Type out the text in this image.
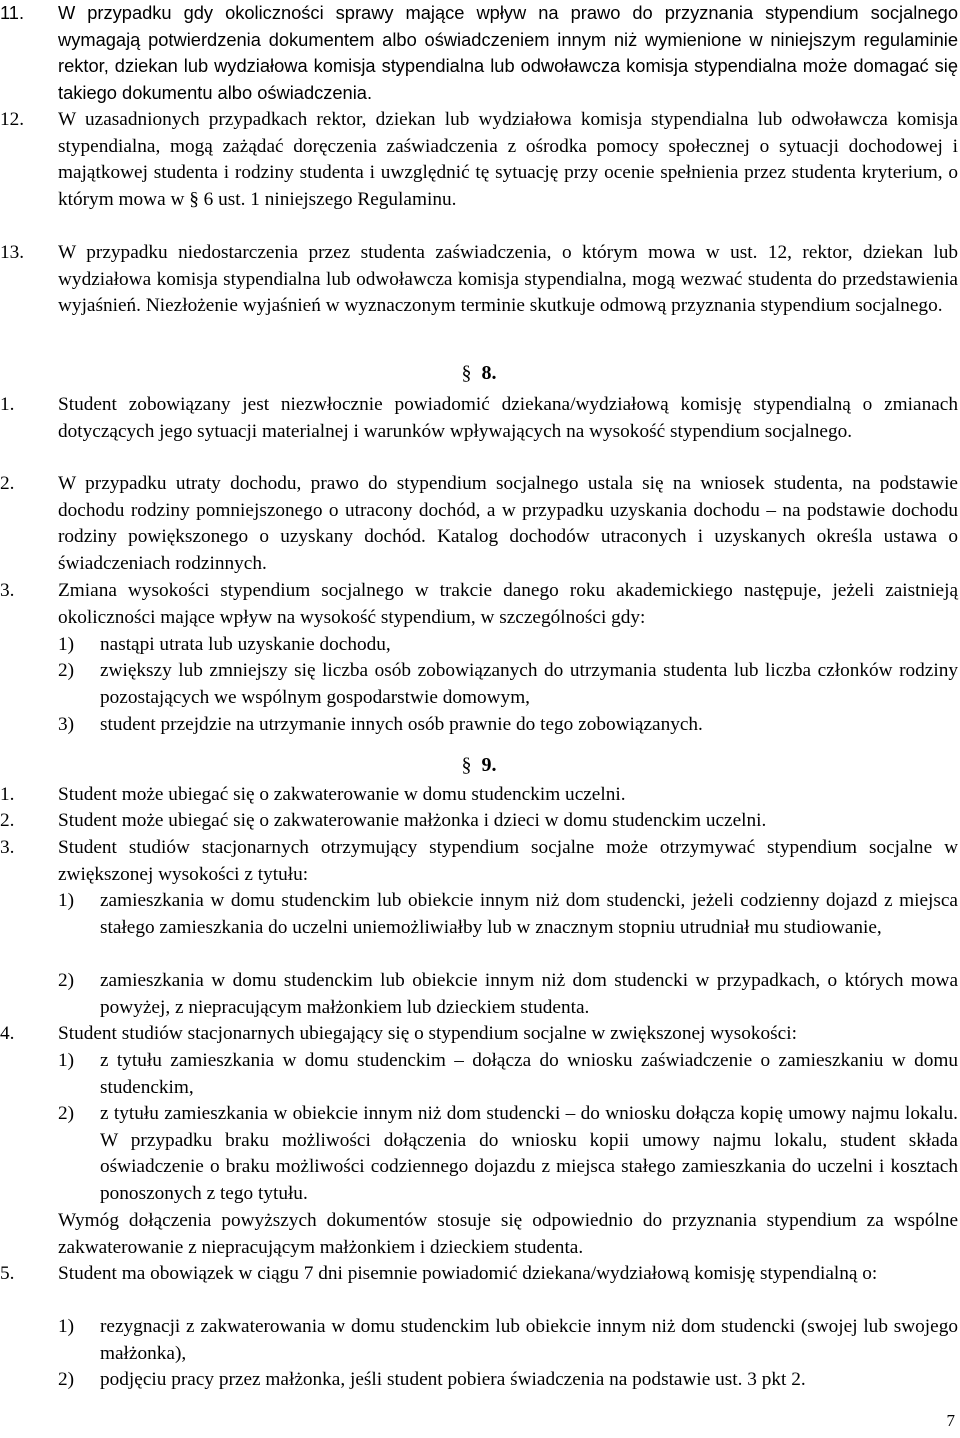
11. W przypadku gdy okoliczności sprawy mające wpływ na prawo do przyznania stypendium socjalnego wymagają potwierdzenia dokumentem albo oświadczeniem innym niż wymienione w niniejszym regulaminie rektor, dziekan lub wydziałowa komisja stypendialna lub odwoławcza komisja stypendialna może domagać się takiego dokumentu albo oświadczenia.
12. W uzasadnionych przypadkach rektor, dziekan lub wydziałowa komisja stypendialna lub odwoławcza komisja stypendialna, mogą zażądać doręczenia zaświadczenia z ośrodka pomocy społecznej o sytuacji dochodowej i majątkowej studenta i rodziny studenta i uwzględnić tę sytuację przy ocenie spełnienia przez studenta kryterium, o którym mowa w § 6 ust. 1 niniejszego Regulaminu.
13. W przypadku niedostarczenia przez studenta zaświadczenia, o którym mowa w ust. 12, rektor, dziekan lub wydziałowa komisja stypendialna lub odwoławcza komisja stypendialna, mogą wezwać studenta do przedstawienia wyjaśnień. Niezłożenie wyjaśnień w wyznaczonym terminie skutkuje odmową przyznania stypendium socjalnego.
§ 8.
1. Student zobowiązany jest niezwłocznie powiadomić dziekana/wydziałową komisję stypendialną o zmianach dotyczących jego sytuacji materialnej i warunków wpływających na wysokość stypendium socjalnego.
2. W przypadku utraty dochodu, prawo do stypendium socjalnego ustala się na wniosek studenta, na podstawie dochodu rodziny pomniejszonego o utracony dochód, a w przypadku uzyskania dochodu – na podstawie dochodu rodziny powiększonego o uzyskany dochód. Katalog dochodów utraconych i uzyskanych określa ustawa o świadczeniach rodzinnych.
3. Zmiana wysokości stypendium socjalnego w trakcie danego roku akademickiego następuje, jeżeli zaistnieją okoliczności mające wpływ na wysokość stypendium, w szczególności gdy:
1) nastąpi utrata lub uzyskanie dochodu,
2) zwiększy lub zmniejszy się liczba osób zobowiązanych do utrzymania studenta lub liczba członków rodziny pozostających we wspólnym gospodarstwie domowym,
3) student przejdzie na utrzymanie innych osób prawnie do tego zobowiązanych.
§ 9.
1. Student może ubiegać się o zakwaterowanie w domu studenckim uczelni.
2. Student może ubiegać się o zakwaterowanie małżonka i dzieci w domu studenckim uczelni.
3. Student studiów stacjonarnych otrzymujący stypendium socjalne może otrzymywać stypendium socjalne w zwiększonej wysokości z tytułu:
1) zamieszkania w domu studenckim lub obiekcie innym niż dom studencki, jeżeli codzienny dojazd z miejsca stałego zamieszkania do uczelni uniemożliwiałby lub w znacznym stopniu utrudniał mu studiowanie,
2) zamieszkania w domu studenckim lub obiekcie innym niż dom studencki w przypadkach, o których mowa powyżej, z niepracującym małżonkiem lub dzieckiem studenta.
4. Student studiów stacjonarnych ubiegający się o stypendium socjalne w zwiększonej wysokości:
1) z tytułu zamieszkania w domu studenckim – dołącza do wniosku zaświadczenie o zamieszkaniu w domu studenckim,
2) z tytułu zamieszkania w obiekcie innym niż dom studencki – do wniosku dołącza kopię umowy najmu lokalu. W przypadku braku możliwości dołączenia do wniosku kopii umowy najmu lokalu, student składa oświadczenie o braku możliwości codziennego dojazdu z miejsca stałego zamieszkania do uczelni i kosztach ponoszonych z tego tytułu.
Wymóg dołączenia powyższych dokumentów stosuje się odpowiednio do przyznania stypendium za wspólne zakwaterowanie z niepracującym małżonkiem i dzieckiem studenta.
5. Student ma obowiązek w ciągu 7 dni pisemnie powiadomić dziekana/wydziałową komisję stypendialną o:
1) rezygnacji z zakwaterowania w domu studenckim lub obiekcie innym niż dom studencki (swojej lub swojego małżonka),
2) podjęciu pracy przez małżonka, jeśli student pobiera świadczenia na podstawie ust. 3 pkt 2.
7
